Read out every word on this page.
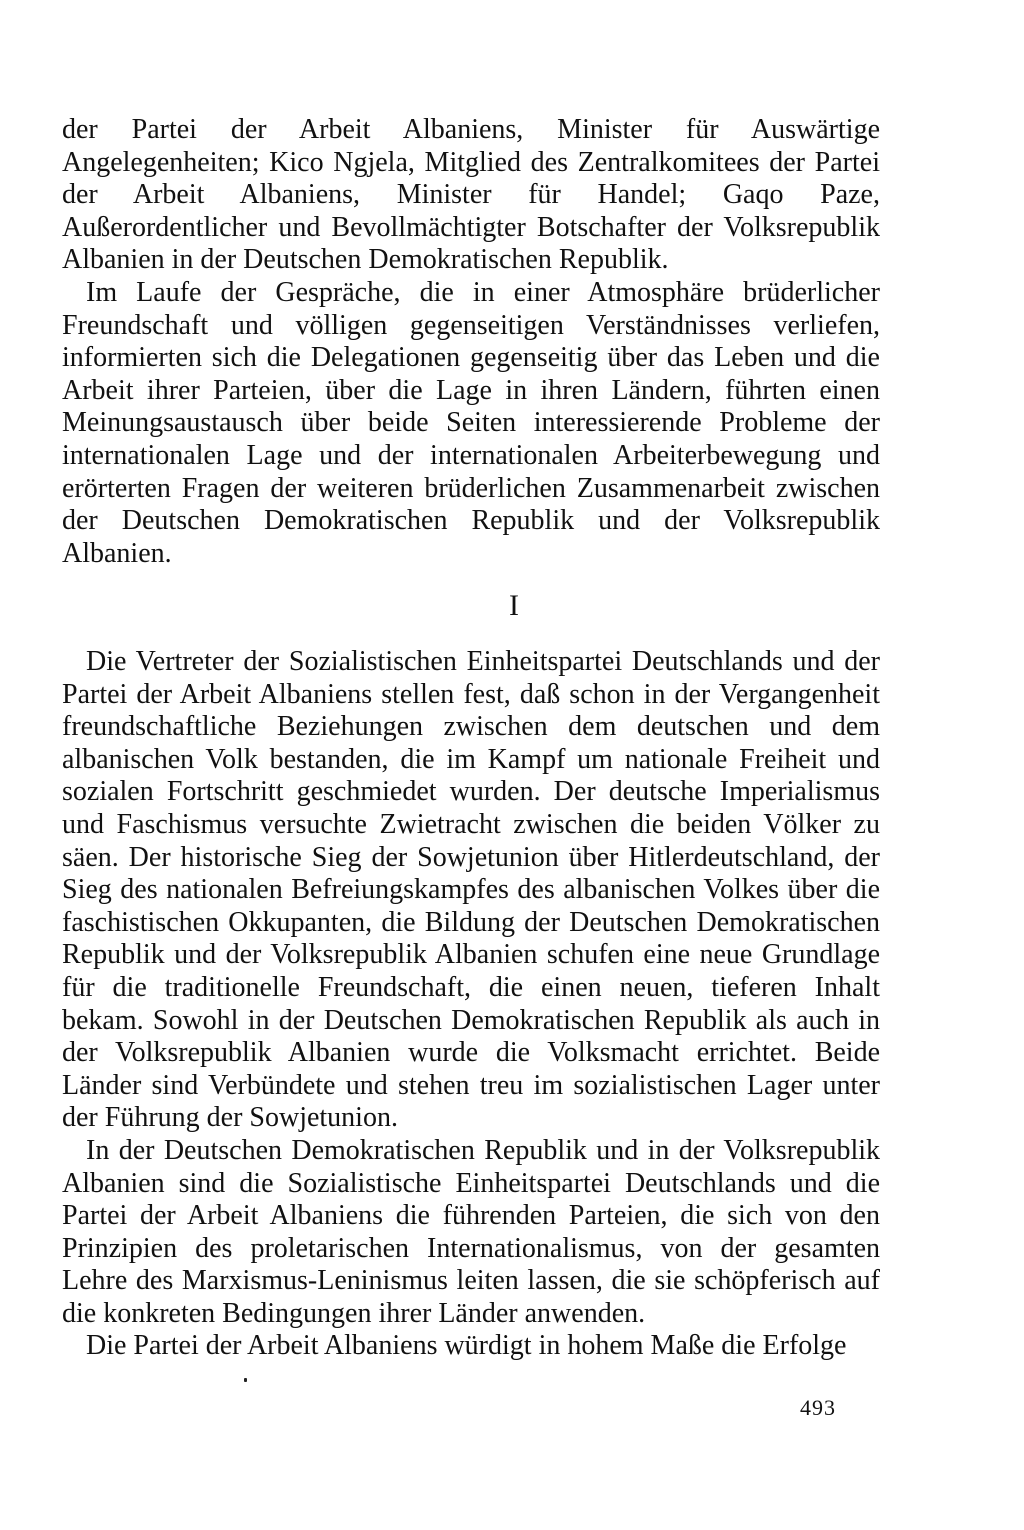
der Partei der Arbeit Albaniens, Minister für Auswärtige Angelegenheiten; Kico Ngjela, Mitglied des Zentralkomitees der Partei der Arbeit Albaniens, Minister für Handel; Gaqo Paze, Außerordentlicher und Bevollmächtigter Botschafter der Volksrepublik Albanien in der Deutschen Demokratischen Republik.

Im Laufe der Gespräche, die in einer Atmosphäre brüderlicher Freundschaft und völligen gegenseitigen Verständnisses verliefen, informierten sich die Delegationen gegenseitig über das Leben und die Arbeit ihrer Parteien, über die Lage in ihren Ländern, führten einen Meinungsaustausch über beide Seiten interessierende Probleme der internationalen Lage und der internationalen Arbeiterbewegung und erörterten Fragen der weiteren brüderlichen Zusammenarbeit zwischen der Deutschen Demokratischen Republik und der Volksrepublik Albanien.

I

Die Vertreter der Sozialistischen Einheitspartei Deutschlands und der Partei der Arbeit Albaniens stellen fest, daß schon in der Vergangenheit freundschaftliche Beziehungen zwischen dem deutschen und dem albanischen Volk bestanden, die im Kampf um nationale Freiheit und sozialen Fortschritt geschmiedet wurden. Der deutsche Imperialismus und Faschismus versuchte Zwietracht zwischen die beiden Völker zu säen. Der historische Sieg der Sowjetunion über Hitlerdeutschland, der Sieg des nationalen Befreiungskampfes des albanischen Volkes über die faschistischen Okkupanten, die Bildung der Deutschen Demokratischen Republik und der Volksrepublik Albanien schufen eine neue Grundlage für die traditionelle Freundschaft, die einen neuen, tieferen Inhalt bekam. Sowohl in der Deutschen Demokratischen Republik als auch in der Volksrepublik Albanien wurde die Volksmacht errichtet. Beide Länder sind Verbündete und stehen treu im sozialistischen Lager unter der Führung der Sowjetunion.

In der Deutschen Demokratischen Republik und in der Volksrepublik Albanien sind die Sozialistische Einheitspartei Deutschlands und die Partei der Arbeit Albaniens die führenden Parteien, die sich von den Prinzipien des proletarischen Internationalismus, von der gesamten Lehre des Marxismus-Leninismus leiten lassen, die sie schöpferisch auf die konkreten Bedingungen ihrer Länder anwenden.

Die Partei der Arbeit Albaniens würdigt in hohem Maße die Erfolge

493
